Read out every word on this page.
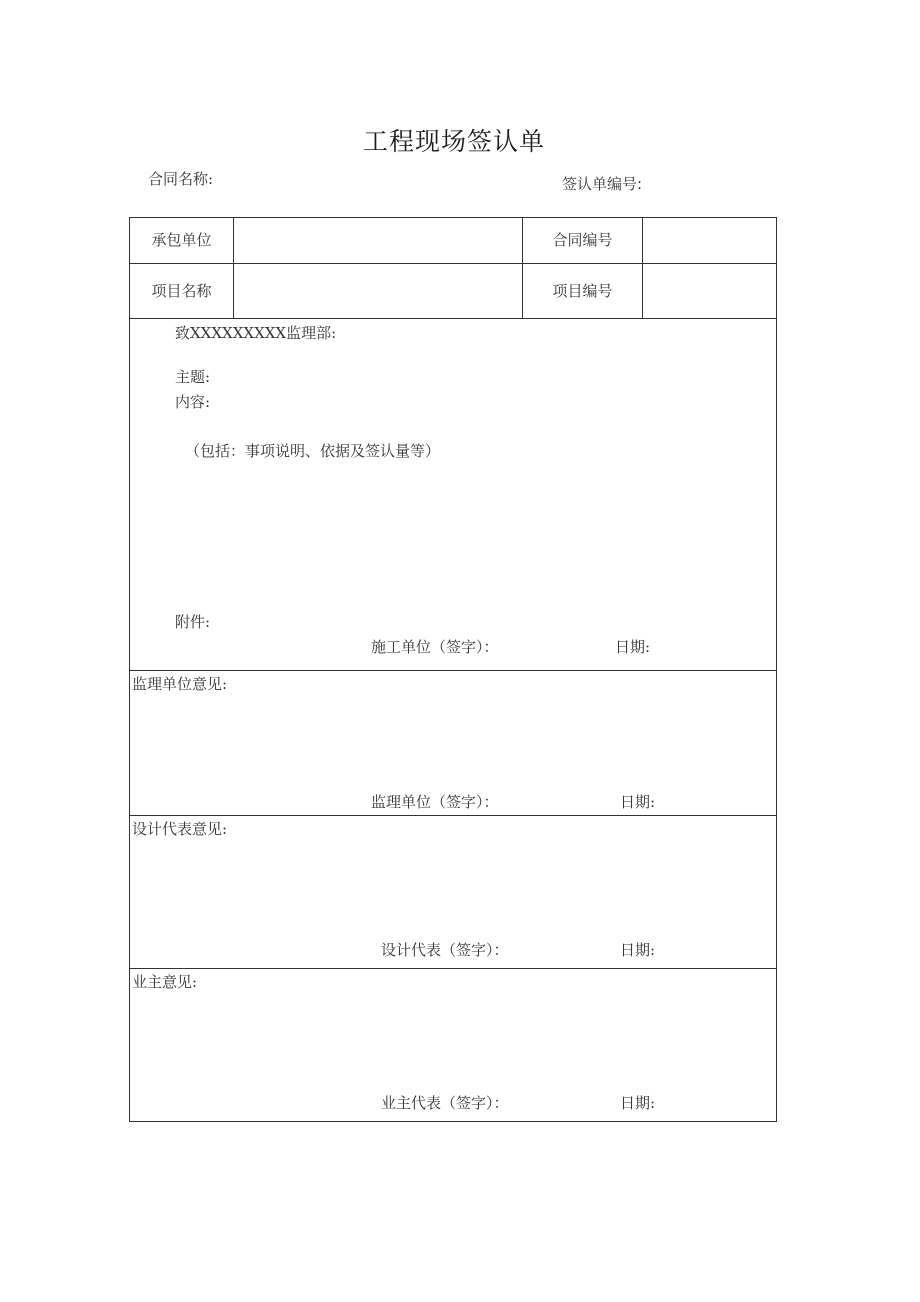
工程现场签认单
合同名称:	签认单编号:
承包单位	合同编号
项目名称	项目编号
致XXXXXXXXX监理部:
主题:
内容:
（包括：事项说明、依据及签认量等）
附件:
施工单位（签字）：	日期:
监理单位意见:
监理单位（签字）：	日期:
设计代表意见:
设计代表（签字）：	日期:
业主意见:
业主代表（签字）：	日期:
